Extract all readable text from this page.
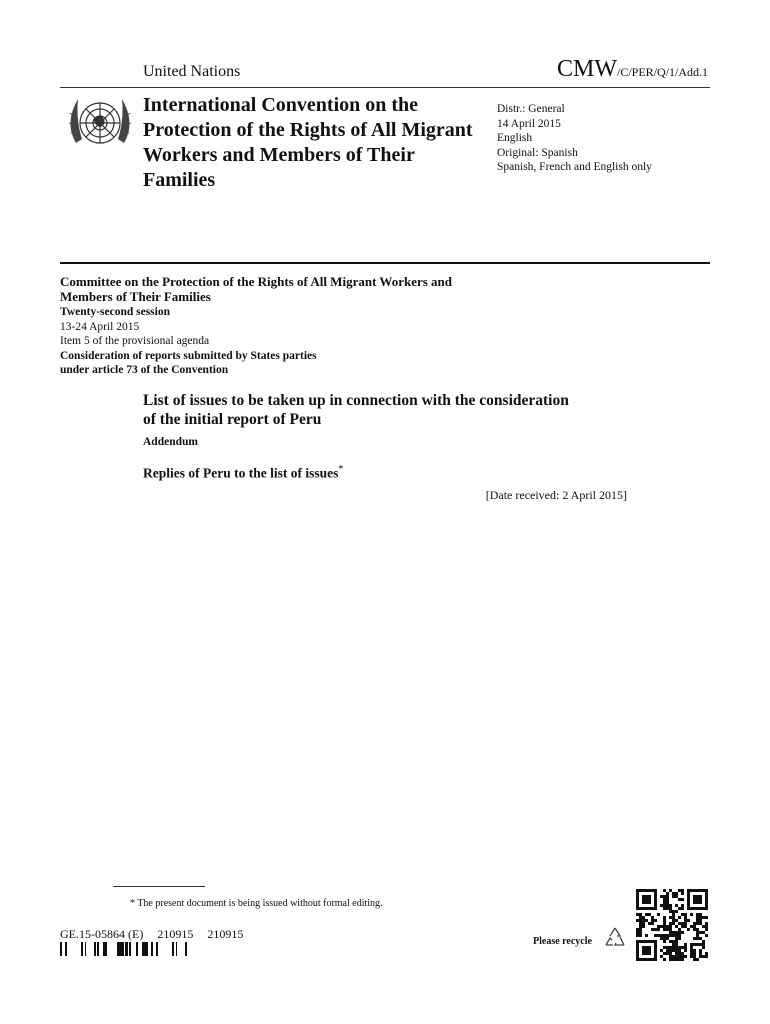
United Nations	CMW/C/PER/Q/1/Add.1
International Convention on the Protection of the Rights of All Migrant Workers and Members of Their Families
Distr.: General
14 April 2015
English
Original: Spanish
Spanish, French and English only
Committee on the Protection of the Rights of All Migrant Workers and Members of Their Families
Twenty-second session
13-24 April 2015
Item 5 of the provisional agenda
Consideration of reports submitted by States parties
under article 73 of the Convention
List of issues to be taken up in connection with the consideration of the initial report of Peru
Addendum
Replies of Peru to the list of issues*
[Date received: 2 April 2015]
* The present document is being issued without formal editing.
GE.15-05864 (E) 210915 210915
Please recycle
